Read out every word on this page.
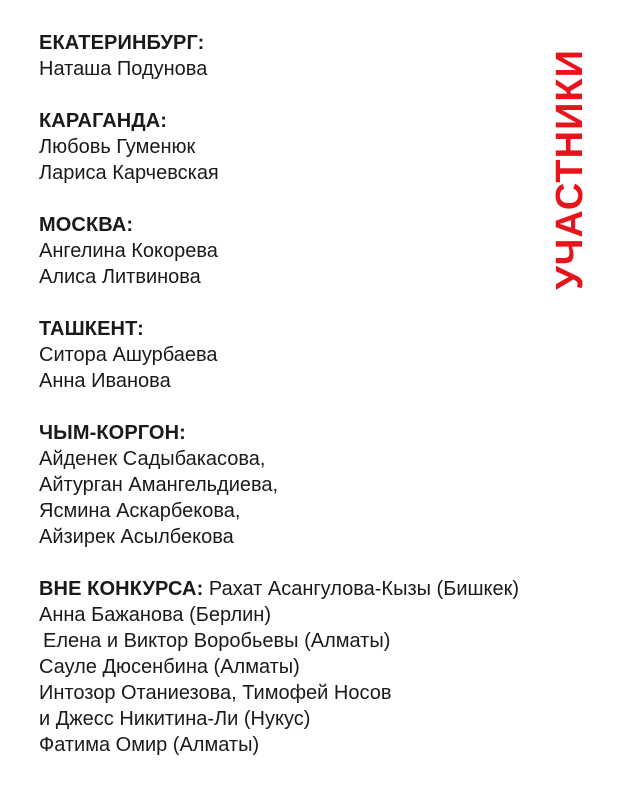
ЕКАТЕРИНБУРГ:
Наташа Подунова
КАРАГАНДА:
Любовь Гуменюк
Лариса Карчевская
МОСКВА:
Ангелина Кокорева
Алиса Литвинова
ТАШКЕНТ:
Ситора Ашурбаева
Анна Иванова
ЧЫМ-КОРГОН:
Айденек Садыбакасова,
Айтурган Амангельдиева,
Ясмина Аскарбекова,
Айзирек Асылбекова
ВНЕ КОНКУРСА: Рахат Асангулова-Кызы (Бишкек)
Анна Бажанова (Берлин)
Елена и Виктор Воробьевы (Алматы)
Сауле Дюсенбина (Алматы)
Интозор Отаниезова, Тимофей Носов
и Джесс Никитина-Ли (Нукус)
Фатима Омир (Алматы)
УЧАСТНИКИ
